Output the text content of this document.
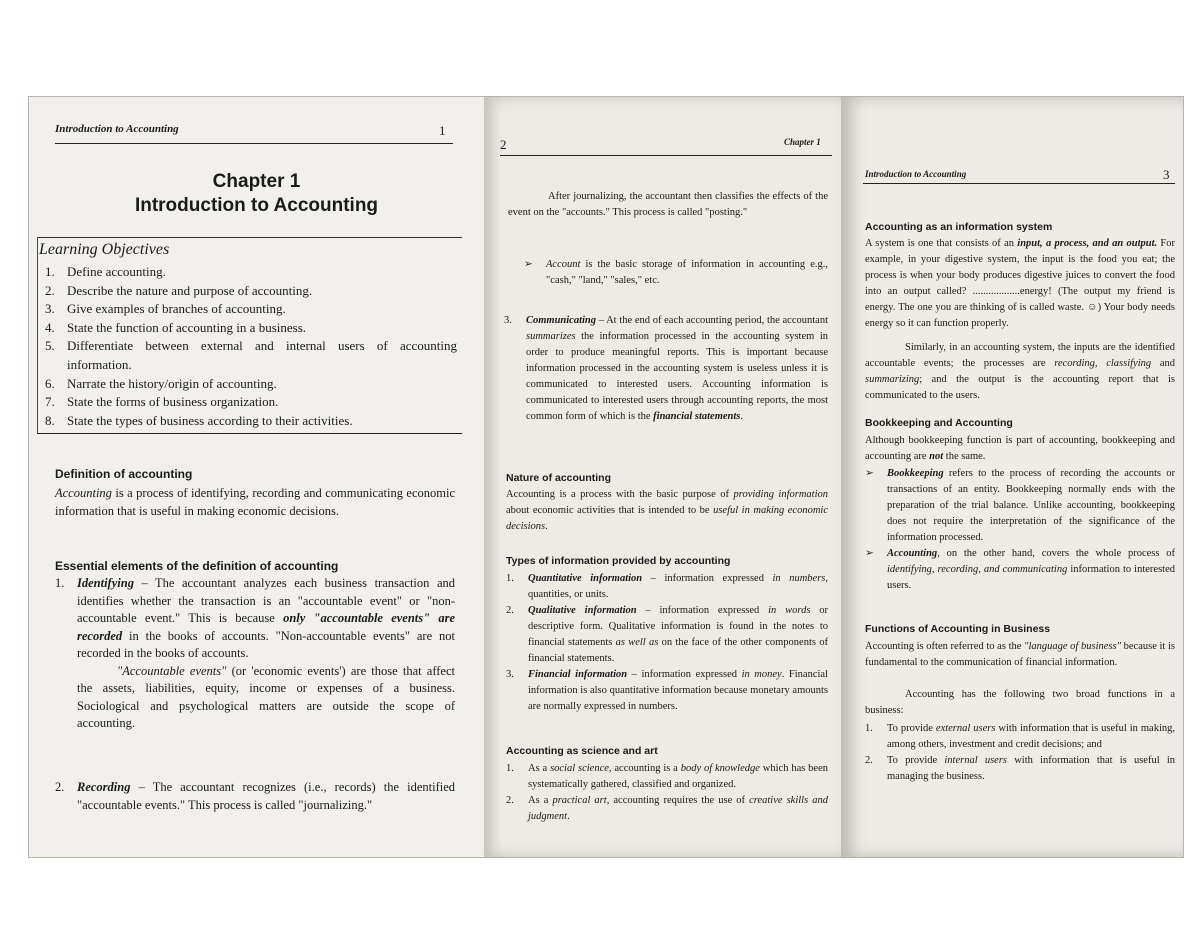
Introduction to Accounting	1
Chapter 1
Introduction to Accounting
Learning Objectives
1. Define accounting.
2. Describe the nature and purpose of accounting.
3. Give examples of branches of accounting.
4. State the function of accounting in a business.
5. Differentiate between external and internal users of accounting information.
6. Narrate the history/origin of accounting.
7. State the forms of business organization.
8. State the types of business according to their activities.
Definition of accounting

Accounting is a process of identifying, recording and communicating economic information that is useful in making economic decisions.

Essential elements of the definition of accounting
1.	Identifying – The accountant analyzes each business transaction and identifies whether the transaction is an "accountable event" or "non-accountable event." This is because only "accountable events" are recorded in the books of accounts. "Non-accountable events" are not recorded in the books of accounts.

"Accountable events" (or 'economic events') are those that affect the assets, liabilities, equity, income or expenses of a business. Sociological and psychological matters are outside the scope of accounting.

2.	Recording – The accountant recognizes (i.e., records) the identified "accountable events." This process is called "journalizing."

2	Chapter 1

After journalizing, the accountant then classifies the effects of the event on the "accounts." This process is called "posting."

➢	Account is the basic storage of information in accounting e.g., "cash," "land," "sales," etc.

3.	Communicating – At the end of each accounting period, the accountant summarizes the information processed in the accounting system in order to produce meaningful reports. This is important because information processed in the accounting system is useless unless it is communicated to interested users. Accounting information is communicated to interested users through accounting reports, the most common form of which is the financial statements.

Nature of accounting

Accounting is a process with the basic purpose of providing information about economic activities that is intended to be useful in making economic decisions.

Types of information provided by accounting
1.	Quantitative information – information expressed in numbers, quantities, or units.

2.	Qualitative information – information expressed in words or descriptive form. Qualitative information is found in the notes to financial statements as well as on the face of the other components of financial statements.

3.	Financial information – information expressed in money. Financial information is also quantitative information because monetary amounts are normally expressed in numbers.

Accounting as science and art
1.	As a social science, accounting is a body of knowledge which has been systematically gathered, classified and organized.

2.	As a practical art, accounting requires the use of creative skills and judgment.

Introduction to Accounting	3
Accounting as an information system

A system is one that consists of an input, a process, and an output. For example, in your digestive system, the input is the food you eat; the process is when your body produces digestive juices to convert the food into an output called? ..................energy! (The output my friend is energy. The one you are thinking of is called waste. ☺) Your body needs energy so it can function properly.

Similarly, in an accounting system, the inputs are the identified accountable events; the processes are recording, classifying and summarizing; and the output is the accounting report that is communicated to the users.

Bookkeeping and Accounting

Although bookkeeping function is part of accounting, bookkeeping and accounting are not the same.

➢	Bookkeeping refers to the process of recording the accounts or transactions of an entity. Bookkeeping normally ends with the preparation of the trial balance. Unlike accounting, bookkeeping does not require the interpretation of the significance of the information processed.

➢	Accounting, on the other hand, covers the whole process of identifying, recording, and communicating information to interested users.

Functions of Accounting in Business

Accounting is often referred to as the "language of business" because it is fundamental to the communication of financial information.

Accounting has the following two broad functions in a business:

1.	To provide external users with information that is useful in making, among others, investment and credit decisions; and

2.	To provide internal users with information that is useful in managing the business.
